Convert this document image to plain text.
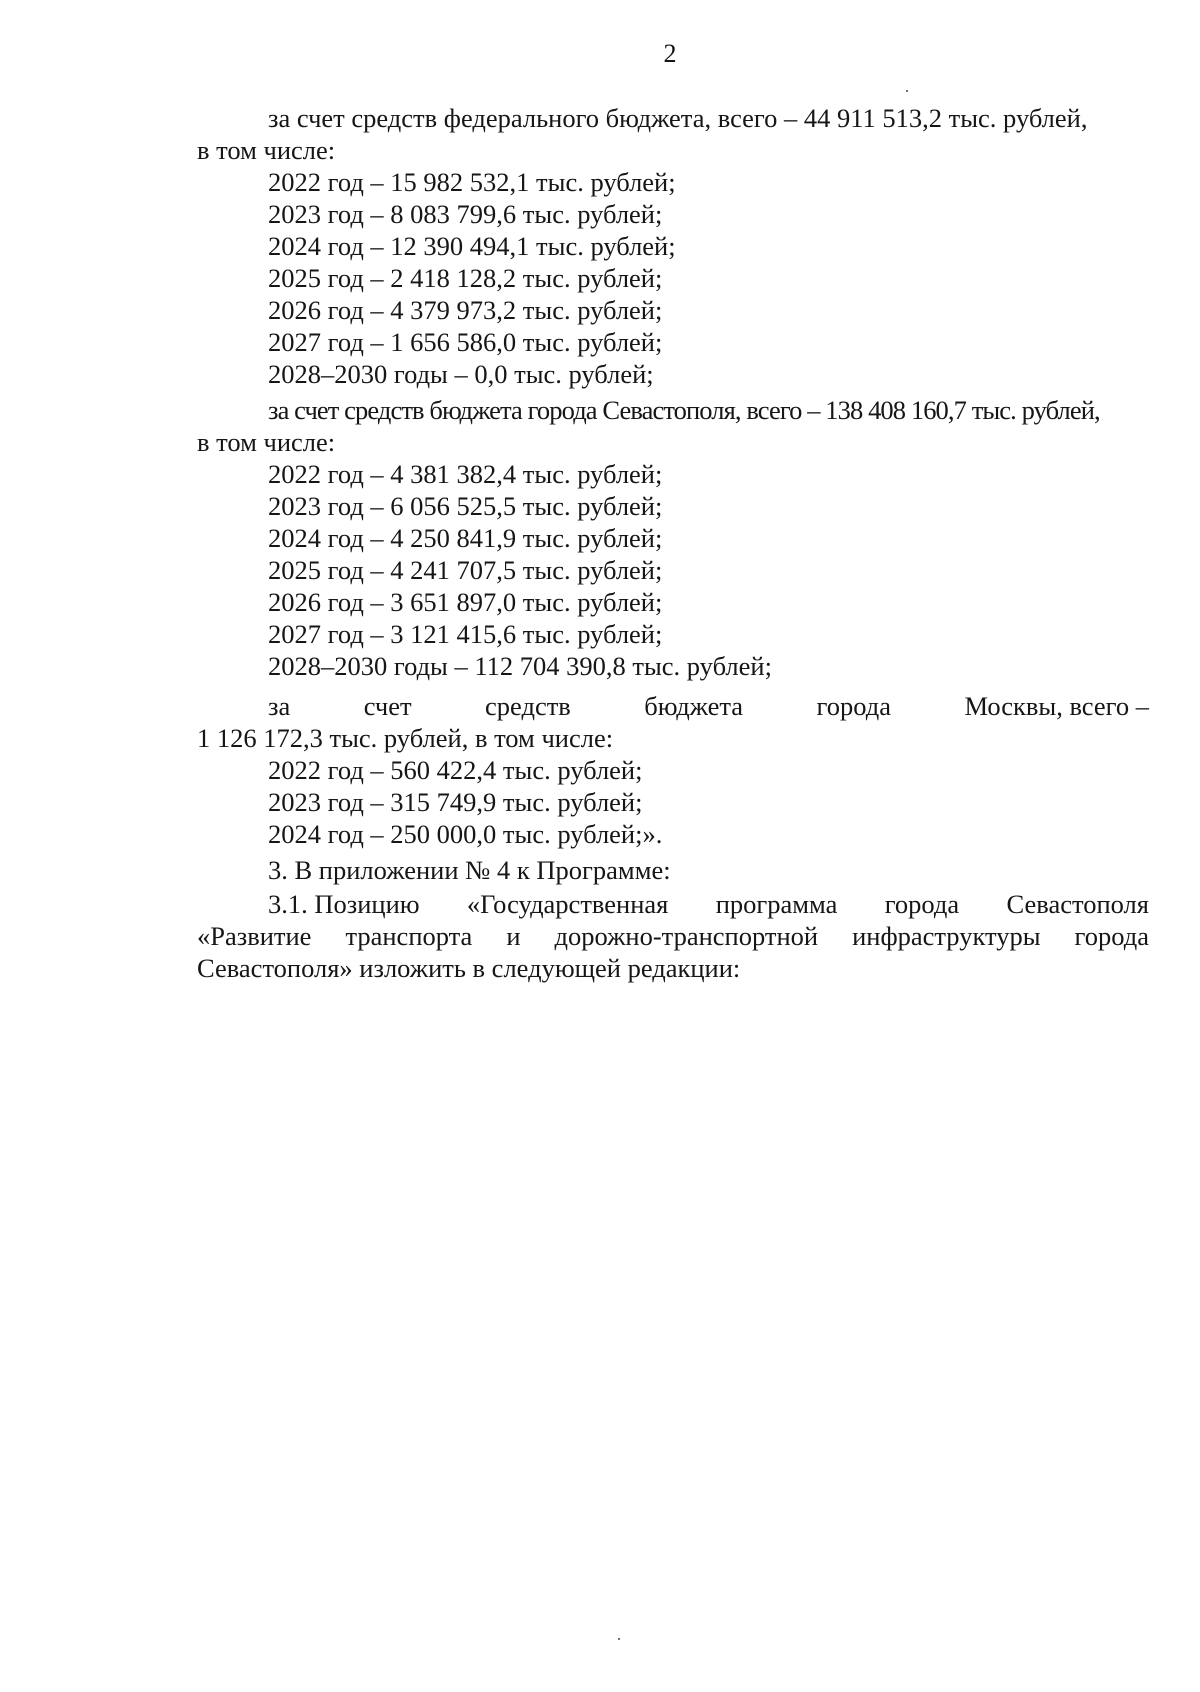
2
за счет средств федерального бюджета, всего – 44 911 513,2 тыс. рублей,
в том числе:
2022 год – 15 982 532,1 тыс. рублей;
2023 год – 8 083 799,6 тыс. рублей;
2024 год – 12 390 494,1 тыс. рублей;
2025 год – 2 418 128,2 тыс. рублей;
2026 год – 4 379 973,2 тыс. рублей;
2027 год – 1 656 586,0 тыс. рублей;
2028–2030 годы – 0,0 тыс. рублей;
за счет средств бюджета города Севастополя, всего – 138 408 160,7 тыс. рублей,
в том числе:
2022 год – 4 381 382,4 тыс. рублей;
2023 год – 6 056 525,5 тыс. рублей;
2024 год – 4 250 841,9 тыс. рублей;
2025 год – 4 241 707,5 тыс. рублей;
2026 год – 3 651 897,0 тыс. рублей;
2027 год – 3 121 415,6 тыс. рублей;
2028–2030 годы – 112 704 390,8 тыс. рублей;
за	счет	средств	бюджета	города	Москвы, всего –
1 126 172,3 тыс. рублей, в том числе:
2022 год – 560 422,4 тыс. рублей;
2023 год – 315 749,9 тыс. рублей;
2024 год – 250 000,0 тыс. рублей;».
3. В приложении № 4 к Программе:
3.1. Позицию «Государственная программа города Севастополя
«Развитие транспорта и дорожно-транспортной инфраструктуры города
Севастополя» изложить в следующей редакции:
